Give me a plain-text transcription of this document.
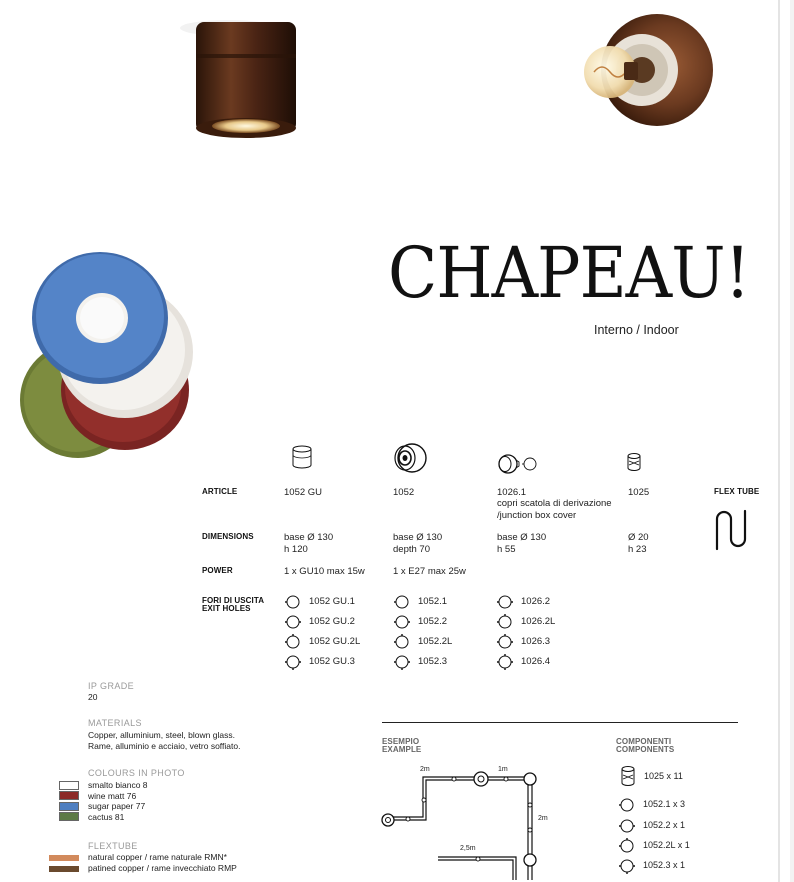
CHAPEAU!
Interno / Indoor
ARTICLE
DIMENSIONS
POWER
FORI DI USCITA
EXIT HOLES
1052 GU
base Ø 130
h 120
1 x GU10 max 15w
1052
base Ø 130
depth 70
1 x E27 max 25w
1026.1
copri scatola di derivazione /junction box cover
base Ø 130
h 55
1025
Ø 20
h 23
FLEX TUBE
1052 GU.1
1052 GU.2
1052 GU.2L
1052 GU.3
1052.1
1052.2
1052.2L
1052.3
1026.2
1026.2L
1026.3
1026.4
IP GRADE
20
MATERIALS
Copper, alluminium, steel, blown glass.
Rame, alluminio e acciaio, vetro soffiato.
COLOURS IN PHOTO
smalto bianco 8
wine matt 76
sugar paper 77
cactus 81
FLEXTUBE
natural copper / rame naturale RMN*
patined copper / rame invecchiato RMP
ESEMPIO
EXAMPLE
2m	1m
2m
2,5m
COMPONENTI
COMPONENTS
1025 x 11
1052.1 x 3
1052.2 x 1
1052.2L x 1
1052.3 x 1
